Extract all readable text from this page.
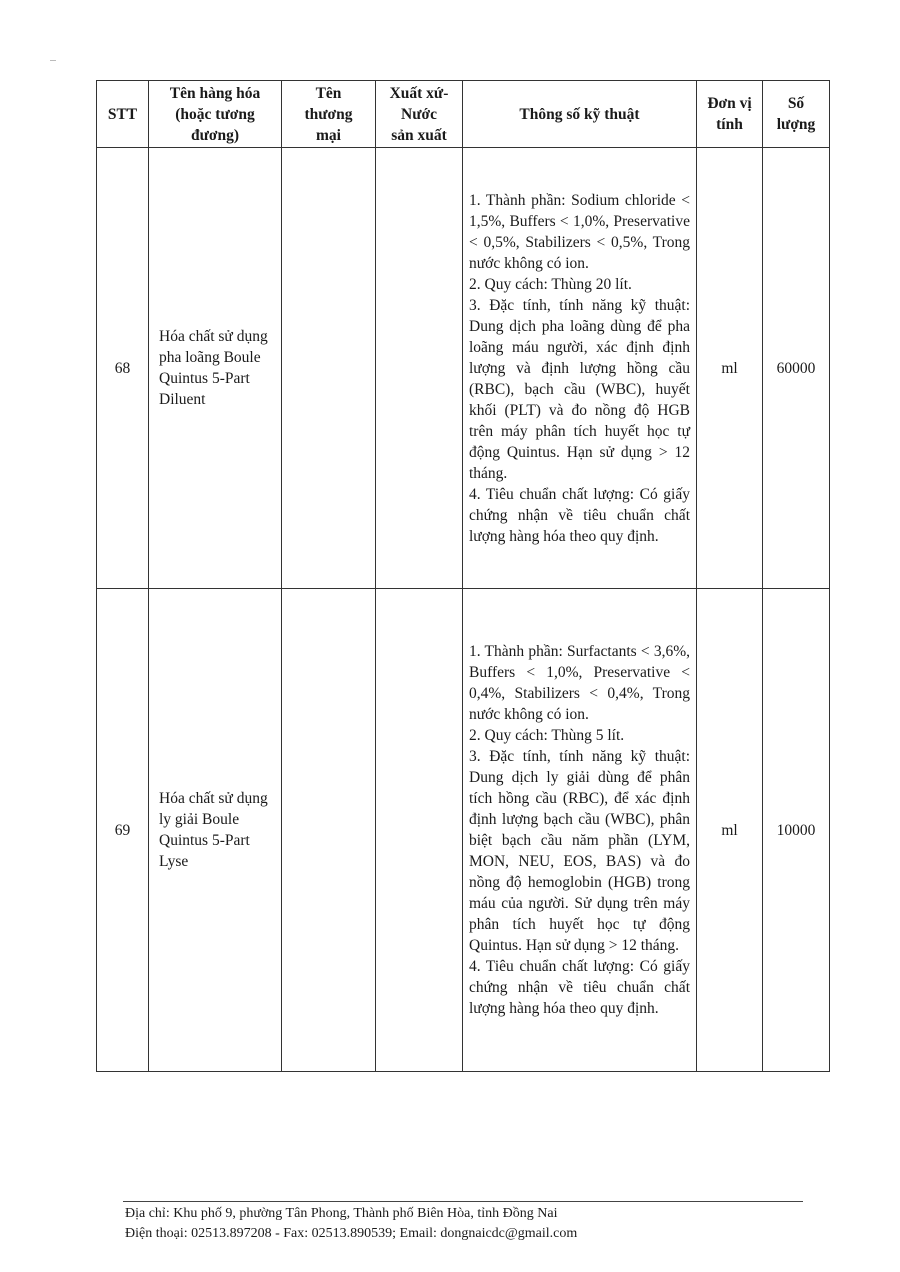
STT	Tên hàng hóa
(hoặc tương
đương)	Tên
thương
mại	Xuất xứ-
Nước
sản xuất	Thông số kỹ thuật	Đơn vị
tính	Số
lượng
68	Hóa chất sử dụng pha loãng Boule Quintus 5-Part Diluent			1. Thành phần: Sodium chloride < 1,5%, Buffers < 1,0%, Preservative < 0,5%, Stabilizers < 0,5%, Trong nước không có ion.
2. Quy cách: Thùng 20 lít.
3. Đặc tính, tính năng kỹ thuật: Dung dịch pha loãng dùng để pha loãng máu người, xác định định lượng và định lượng hồng cầu (RBC), bạch cầu (WBC), huyết khối (PLT) và đo nồng độ HGB trên máy phân tích huyết học tự động Quintus. Hạn sử dụng > 12 tháng.
4. Tiêu chuẩn chất lượng: Có giấy chứng nhận về tiêu chuẩn chất lượng hàng hóa theo quy định.	ml	60000
69	Hóa chất sử dụng ly giải Boule Quintus 5-Part Lyse			1. Thành phần: Surfactants < 3,6%, Buffers < 1,0%, Preservative < 0,4%, Stabilizers < 0,4%, Trong nước không có ion.
2. Quy cách: Thùng 5 lít.
3. Đặc tính, tính năng kỹ thuật: Dung dịch ly giải dùng để phân tích hồng cầu (RBC), để xác định định lượng bạch cầu (WBC), phân biệt bạch cầu năm phần (LYM, MON, NEU, EOS, BAS) và đo nồng độ hemoglobin (HGB) trong máu của người. Sử dụng trên máy phân tích huyết học tự động Quintus. Hạn sử dụng > 12 tháng.
4. Tiêu chuẩn chất lượng: Có giấy chứng nhận về tiêu chuẩn chất lượng hàng hóa theo quy định.	ml	10000
Địa chỉ: Khu phố 9, phường Tân Phong, Thành phố Biên Hòa, tỉnh Đồng Nai
Điện thoại: 02513.897208 - Fax: 02513.890539; Email: dongnaicdc@gmail.com
